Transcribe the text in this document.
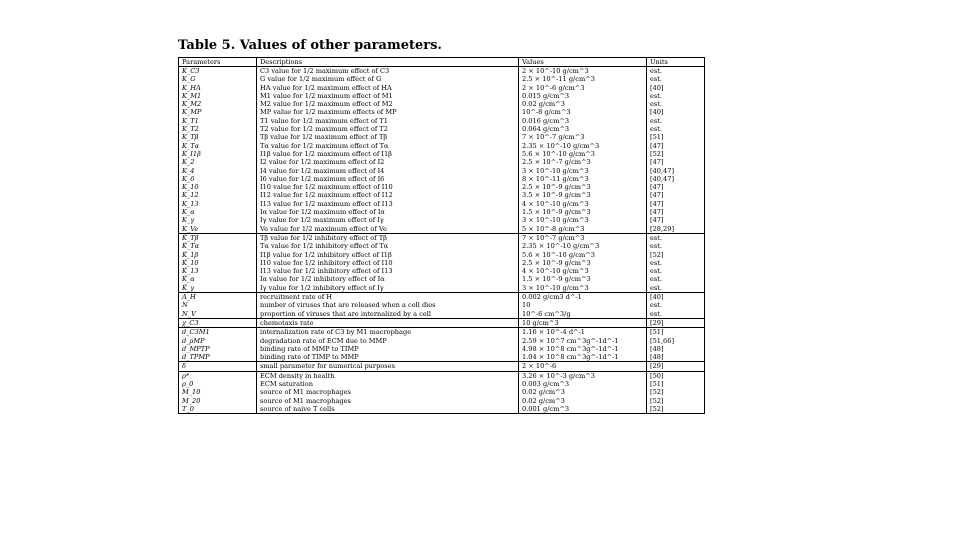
Table 5. Values of other parameters.
Parameters	Descriptions	Values	Units
K_C3	C3 value for 1/2 maximum effect of C3	2 × 10^-10 g/cm^3	est.
K_G	G value for 1/2 maximum effect of G	2.5 × 10^-11 g/cm^3	est.
K_HA	HA value for 1/2 maximum effect of HA	2 × 10^-6 g/cm^3	[40]
K_M1	M1 value for 1/2 maximum effect of M1	0.015 g/cm^3	est.
K_M2	M2 value for 1/2 maximum effect of M2	0.02 g/cm^3	est.
K_MP	MP value for 1/2 maximum effects of MP	10^-8 g/cm^3	[40]
K_T1	T1 value for 1/2 maximum effect of T1	0.016 g/cm^3	est.
K_T2	T2 value for 1/2 maximum effect of T2	0.064 g/cm^3	est.
K_Tβ	Tβ value for 1/2 maximum effect of Tβ	7 × 10^-7 g/cm^3	[51]
K_Tα	Tα value for 1/2 maximum effect of Tα	2.35 × 10^-10 g/cm^3	[47]
K_I1β	I1β value for 1/2 maximum effect of I1β	5.6 × 10^-10 g/cm^3	[52]
K_2	I2 value for 1/2 maximum effect of I2	2.5 × 10^-7 g/cm^3	[47]
K_4	I4 value for 1/2 maximum effect of I4	3 × 10^-10 g/cm^3	[40,47]
K_6	I6 value for 1/2 maximum effect of I6	8 × 10^-11 g/cm^3	[40,47]
K_10	I10 value for 1/2 maximum effect of I10	2.5 × 10^-9 g/cm^3	[47]
K_12	I12 value for 1/2 maximum effect of I12	3.5 × 10^-9 g/cm^3	[47]
K_13	I13 value for 1/2 maximum effect of I13	4 × 10^-10 g/cm^3	[47]
K_α	Iα value for 1/2 maximum effect of Iα	1.5 × 10^-9 g/cm^3	[47]
K_γ	Iγ value for 1/2 maximum effect of Iγ	3 × 10^-10 g/cm^3	[47]
K_Ve	Ve value for 1/2 maximum effect of Ve	5 × 10^-8 g/cm^3	[28,29]
K̂_Tβ	Tβ value for 1/2 inhibitory effect of Tβ	7 × 10^-7 g/cm^3	est.
K̂_Tα	Tα value for 1/2 inhibitory effect of Tα	2.35 × 10^-10 g/cm^3	est.
K̂_1β	I1β value for 1/2 inhibitory effect of I1β	5.6 × 10^-10 g/cm^3	[52]
K̂_10	I10 value for 1/2 inhibitory effect of I10	2.5 × 10^-9 g/cm^3	est.
K̂_13	I13 value for 1/2 inhibitory effect of I13	4 × 10^-10 g/cm^3	est.
K̂_α	Iα value for 1/2 inhibitory effect of Iα	1.5 × 10^-9 g/cm^3	est.
K̂_γ	Iγ value for 1/2 inhibitory effect of Iγ	3 × 10^-10 g/cm^3	est.
A_H	recruitment rate of H	0.002 g/cm3 d^-1	[40]
N	number of viruses that are released when a cell dies	10	est.
N_V	proportion of viruses that are internalized by a cell	10^-6 cm^3/g	est.
χ_C3	chemotaxis rate	10 g/cm^3	[29]
d_C3M1	internalization rate of C3 by M1 macrophage	1.16 × 10^-4 d^-1	[51]
d_ρMP	degradation rate of ECM due to MMP	2.59 × 10^7 cm^3g^-1d^-1	[51,66]
d_MPTP	binding rate of MMP to TIMP	4.98 × 10^8 cm^3g^-1d^-1	[48]
d_TPMP	binding rate of TIMP to MMP	1.04 × 10^8 cm^3g^-1d^-1	[48]
δ	small parameter for numerical purposes	2 × 10^-6	[29]
ρ*	ECM density in health	3.26 × 10^-3 g/cm^3	[50]
ρ_0	ECM saturation	0.003 g/cm^3	[51]
M_10	source of M1 macrophages	0.02 g/cm^3	[52]
M_20	source of M1 macrophages	0.02 g/cm^3	[52]
T_0	source of naive T cells	0.001 g/cm^3	[52]
